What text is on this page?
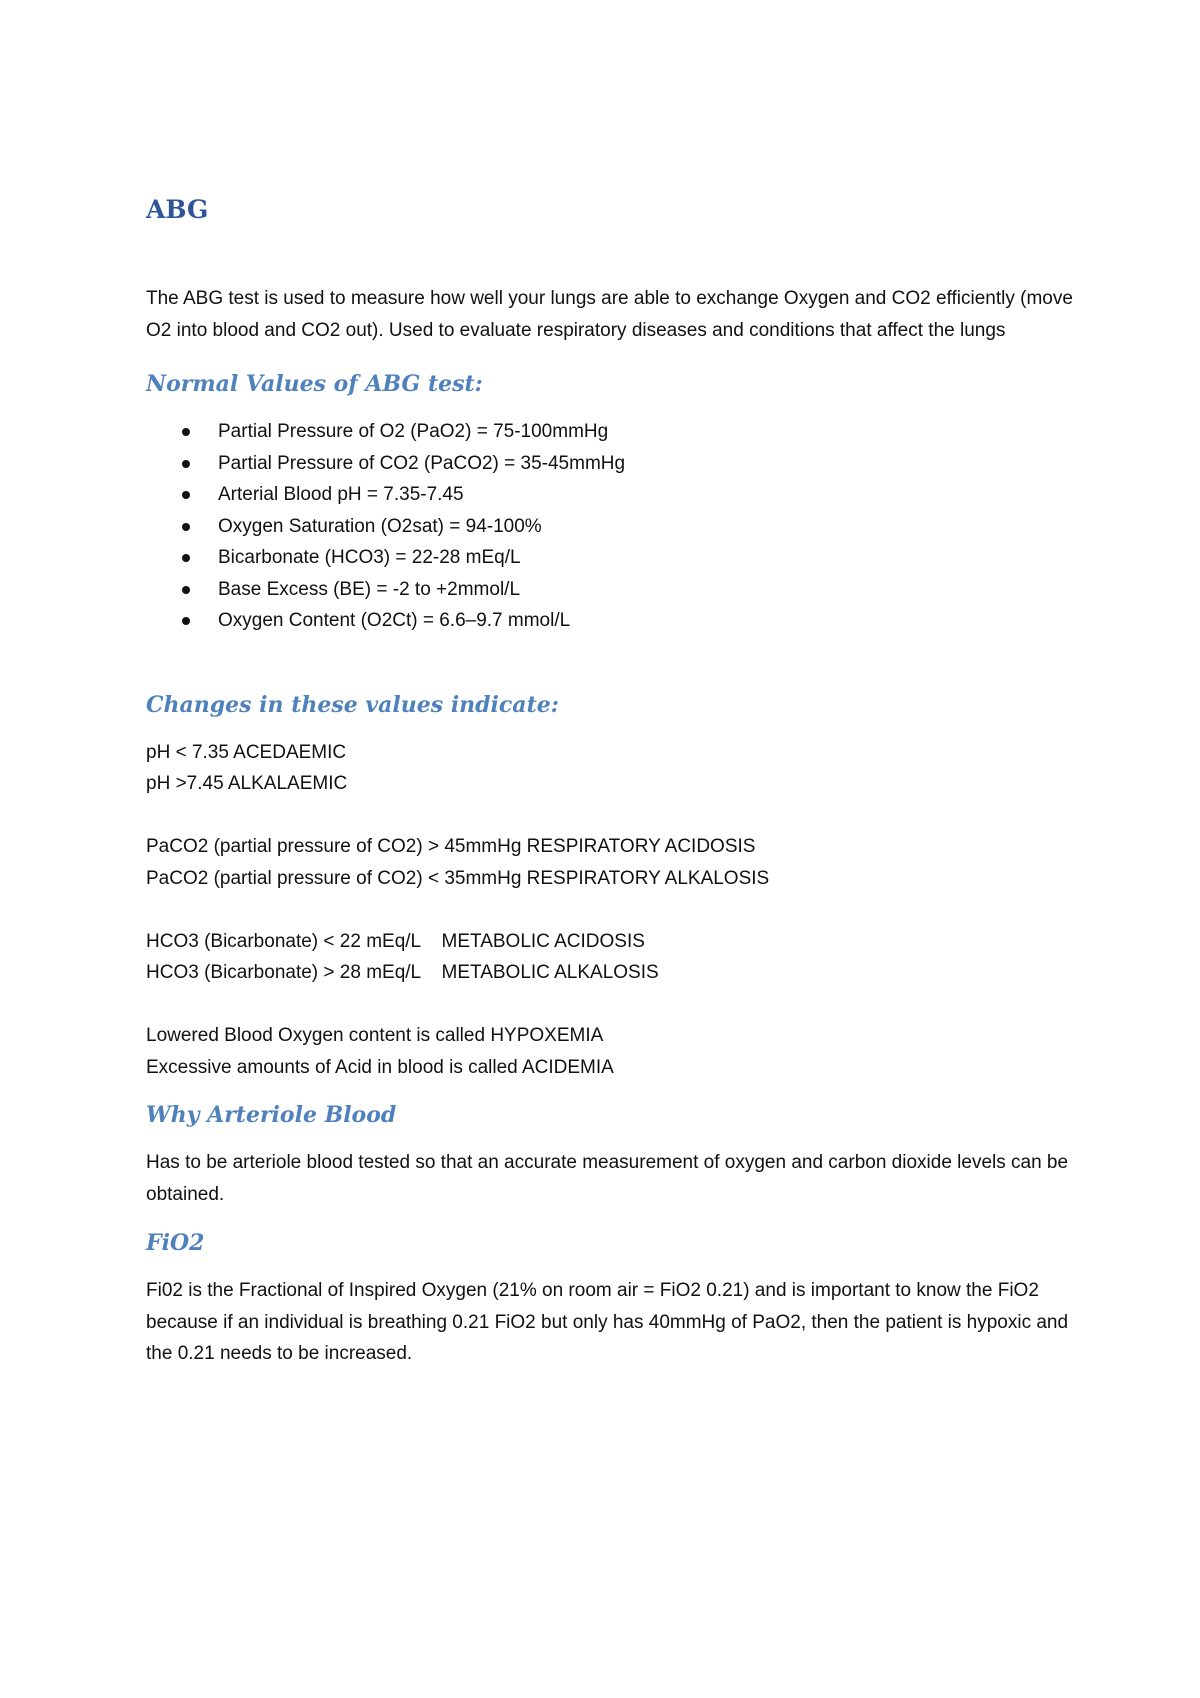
ABG

The ABG test is used to measure how well your lungs are able to exchange Oxygen and CO2 efficiently (move O2 into blood and CO2 out). Used to evaluate respiratory diseases and conditions that affect the lungs

Normal Values of ABG test:
Partial Pressure of O2 (PaO2) = 75-100mmHg
Partial Pressure of CO2 (PaCO2) = 35-45mmHg
Arterial Blood pH = 7.35-7.45
Oxygen Saturation (O2sat) = 94-100%
Bicarbonate (HCO3) = 22-28 mEq/L
Base Excess (BE) = -2 to +2mmol/L
Oxygen Content (O2Ct) = 6.6–9.7 mmol/L
Changes in these values indicate:

pH < 7.35 ACEDAEMIC

pH >7.45 ALKALAEMIC

PaCO2 (partial pressure of CO2) > 45mmHg RESPIRATORY ACIDOSIS

PaCO2 (partial pressure of CO2) < 35mmHg RESPIRATORY ALKALOSIS

HCO3 (Bicarbonate) < 22 mEq/L    METABOLIC ACIDOSIS

HCO3 (Bicarbonate) > 28 mEq/L    METABOLIC ALKALOSIS

Lowered Blood Oxygen content is called HYPOXEMIA

Excessive amounts of Acid in blood is called ACIDEMIA

Why Arteriole Blood

Has to be arteriole blood tested so that an accurate measurement of oxygen and carbon dioxide levels can be obtained.

FiO2

Fi02 is the Fractional of Inspired Oxygen (21% on room air = FiO2 0.21) and is important to know the FiO2 because if an individual is breathing 0.21 FiO2 but only has 40mmHg of PaO2, then the patient is hypoxic and the 0.21 needs to be increased.
